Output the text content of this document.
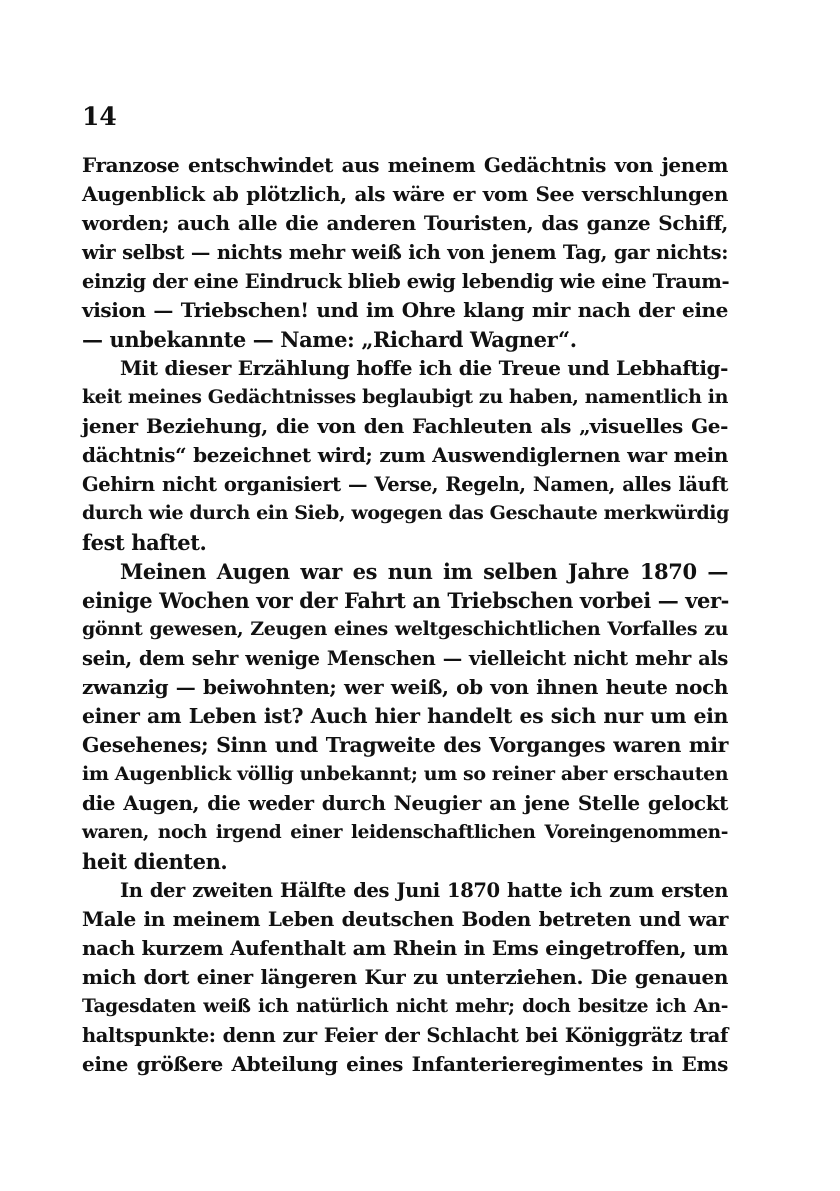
14
Franzose entschwindet aus meinem Gedächtnis von jenem
Augenblick ab plötzlich, als wäre er vom See verschlungen
worden; auch alle die anderen Touristen, das ganze Schiff,
wir selbst — nichts mehr weiß ich von jenem Tag, gar nichts:
einzig der eine Eindruck blieb ewig lebendig wie eine Traum-
vision — Triebschen! und im Ohre klang mir nach der eine
— unbekannte — Name: „Richard Wagner“.
Mit dieser Erzählung hoffe ich die Treue und Lebhaftig-
keit meines Gedächtnisses beglaubigt zu haben, namentlich in
jener Beziehung, die von den Fachleuten als „visuelles Ge-
dächtnis“ bezeichnet wird; zum Auswendiglernen war mein
Gehirn nicht organisiert — Verse, Regeln, Namen, alles läuft
durch wie durch ein Sieb, wogegen das Geschaute merkwürdig
fest haftet.
Meinen Augen war es nun im selben Jahre 1870 —
einige Wochen vor der Fahrt an Triebschen vorbei — ver-
gönnt gewesen, Zeugen eines weltgeschichtlichen Vorfalles zu
sein, dem sehr wenige Menschen — vielleicht nicht mehr als
zwanzig — beiwohnten; wer weiß, ob von ihnen heute noch
einer am Leben ist? Auch hier handelt es sich nur um ein
Gesehenes; Sinn und Tragweite des Vorganges waren mir
im Augenblick völlig unbekannt; um so reiner aber erschauten
die Augen, die weder durch Neugier an jene Stelle gelockt
waren, noch irgend einer leidenschaftlichen Voreingenommen-
heit dienten.
In der zweiten Hälfte des Juni 1870 hatte ich zum ersten
Male in meinem Leben deutschen Boden betreten und war
nach kurzem Aufenthalt am Rhein in Ems eingetroffen, um
mich dort einer längeren Kur zu unterziehen. Die genauen
Tagesdaten weiß ich natürlich nicht mehr; doch besitze ich An-
haltspunkte: denn zur Feier der Schlacht bei Königgrätz traf
eine größere Abteilung eines Infanterieregimentes in Ems
